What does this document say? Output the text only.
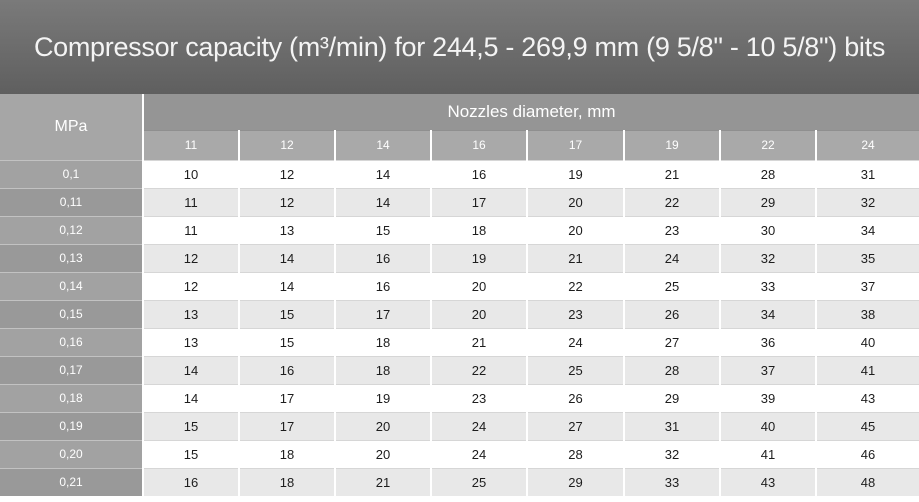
Compressor capacity (m³/min) for 244,5 - 269,9 mm (9 5/8" - 10 5/8") bits
MPa	Nozzles diameter, mm							
	11	12	14	16	17	19	22	24
0,1	10	12	14	16	19	21	28	31
0,11	11	12	14	17	20	22	29	32
0,12	11	13	15	18	20	23	30	34
0,13	12	14	16	19	21	24	32	35
0,14	12	14	16	20	22	25	33	37
0,15	13	15	17	20	23	26	34	38
0,16	13	15	18	21	24	27	36	40
0,17	14	16	18	22	25	28	37	41
0,18	14	17	19	23	26	29	39	43
0,19	15	17	20	24	27	31	40	45
0,20	15	18	20	24	28	32	41	46
0,21	16	18	21	25	29	33	43	48
